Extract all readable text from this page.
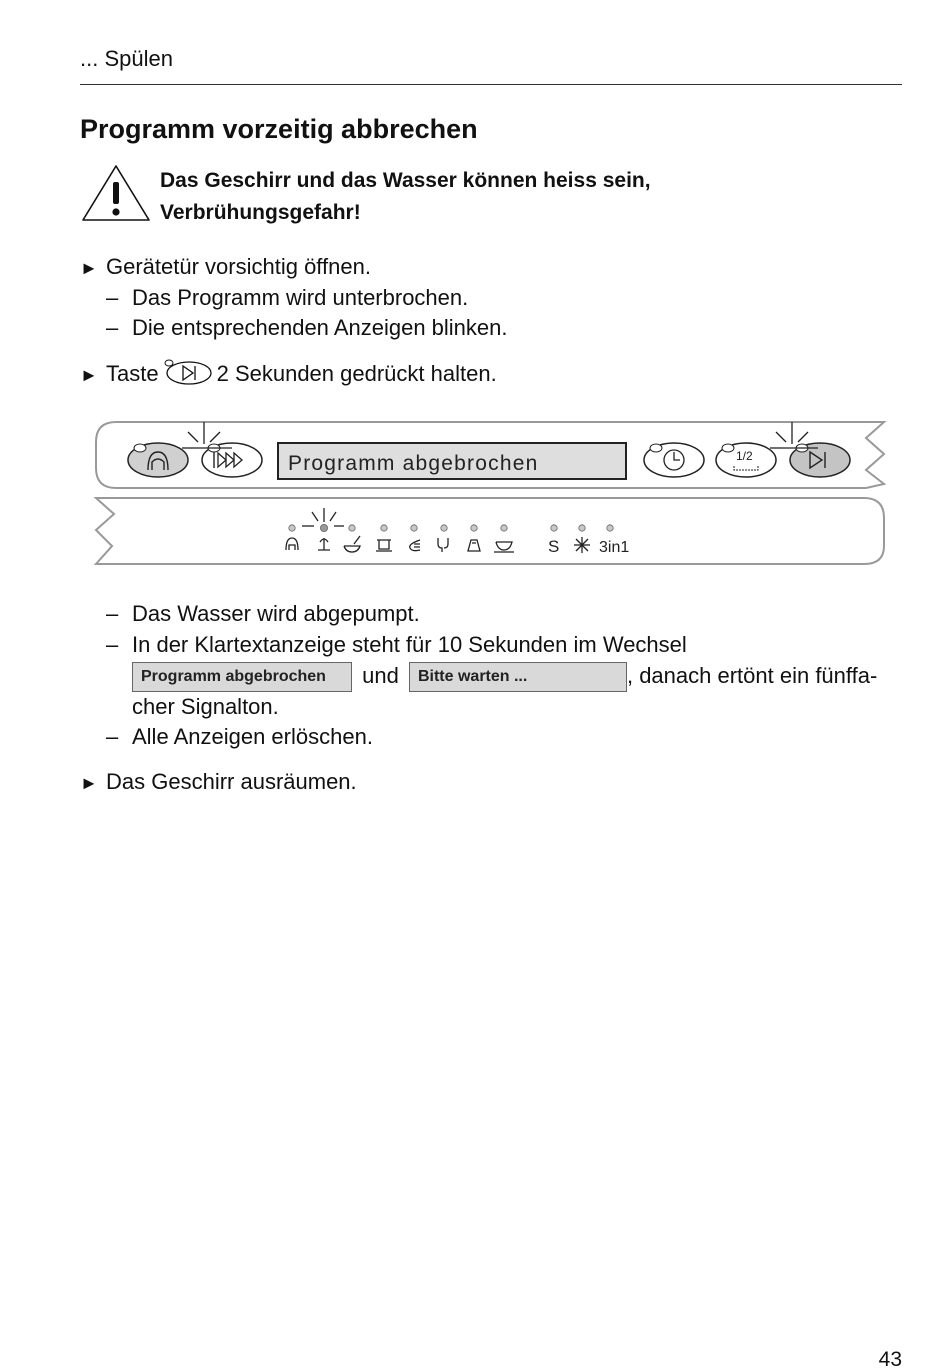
... Spülen
Programm vorzeitig abbrechen
Das Geschirr und das Wasser können heiss sein,
Verbrühungsgefahr!
► Gerätetür vorsichtig öffnen.
– Das Programm wird unterbrochen.
– Die entsprechenden Anzeigen blinken.
► Taste	2 Sekunden gedrückt halten.
Programm abgebrochen	1/2
S 3in1
– Das Wasser wird abgepumpt.
– In der Klartextanzeige steht für 10 Sekunden im Wechsel
Programm abgebrochen und Bitte warten ...	, danach ertönt ein fünffa-
cher Signalton.
– Alle Anzeigen erlöschen.
► Das Geschirr ausräumen.
43
